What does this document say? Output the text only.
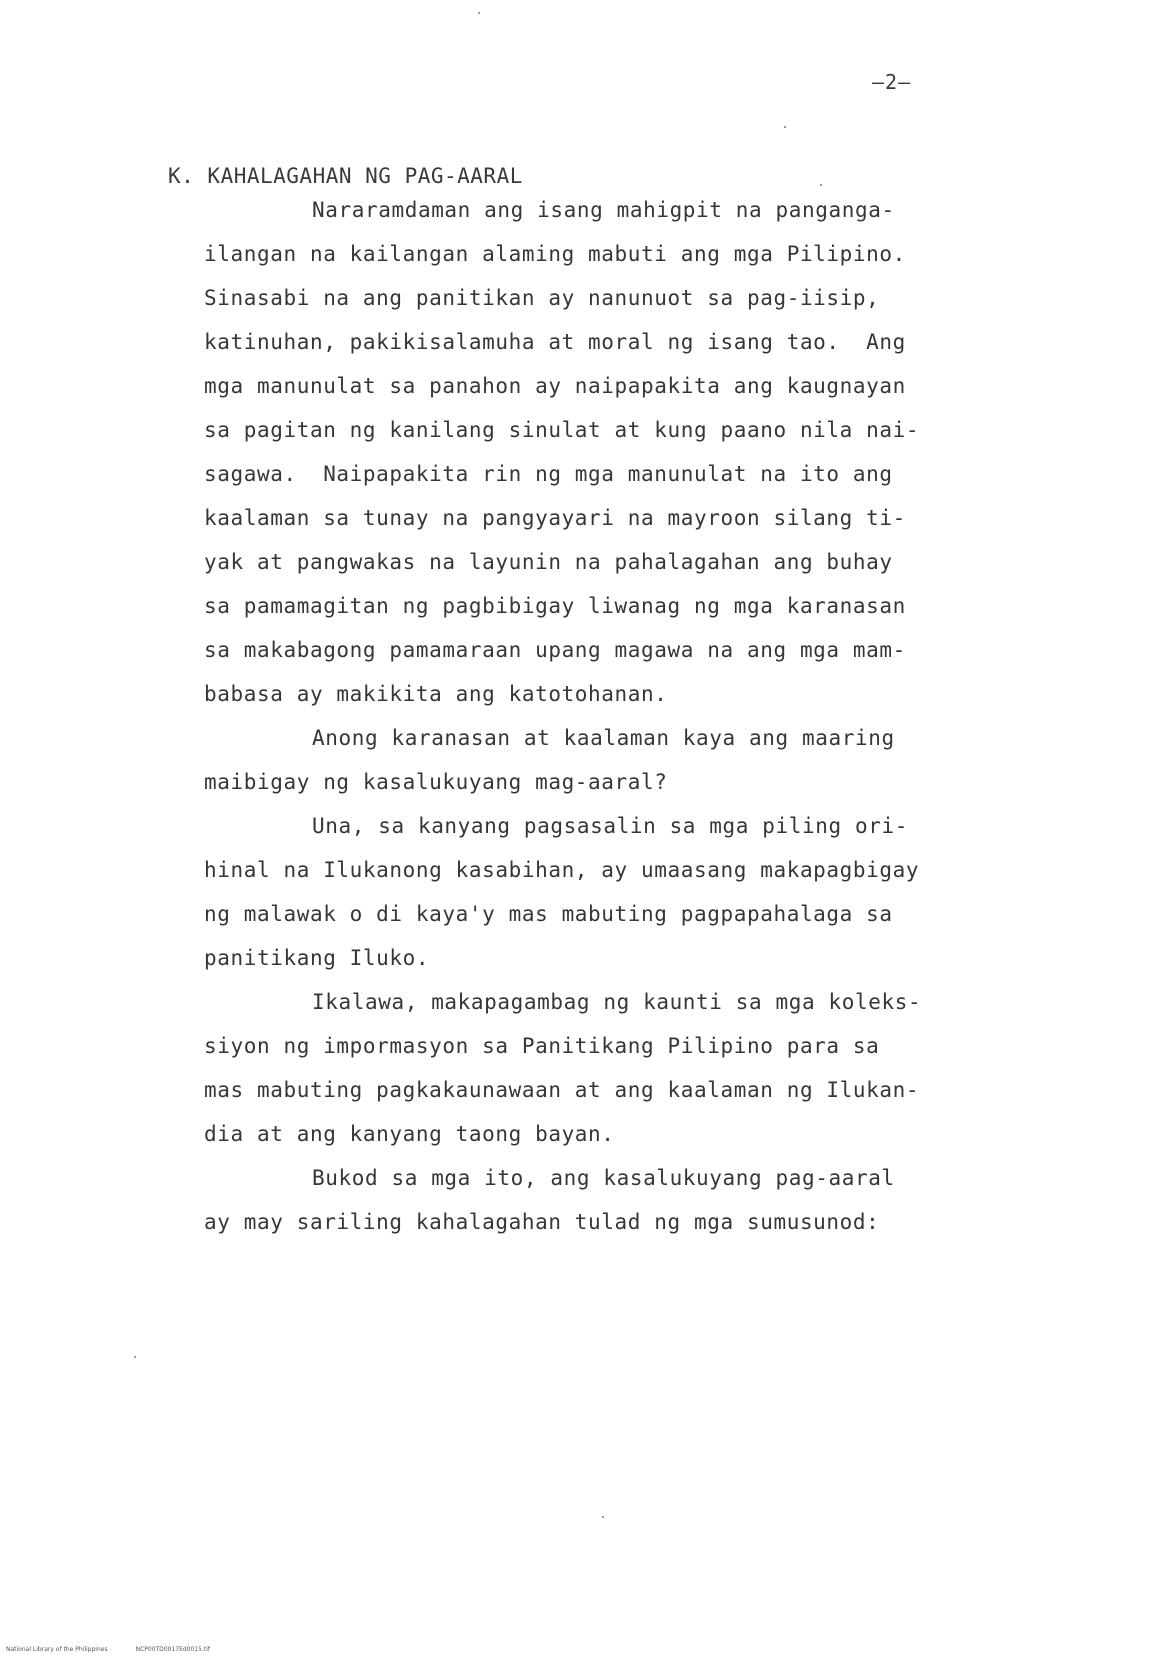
—2—
K. KAHALAGAHAN NG PAG-AARAL
Nararamdaman ang isang mahigpit na panganga-
ilangan na kailangan alaming mabuti ang mga Pilipino.
Sinasabi na ang panitikan ay nanunuot sa pag-iisip,
katinuhan, pakikisalamuha at moral ng isang tao.  Ang
mga manunulat sa panahon ay naipapakita ang kaugnayan
sa pagitan ng kanilang sinulat at kung paano nila nai-
sagawa.  Naipapakita rin ng mga manunulat na ito ang
kaalaman sa tunay na pangyayari na mayroon silang ti-
yak at pangwakas na layunin na pahalagahan ang buhay
sa pamamagitan ng pagbibigay liwanag ng mga karanasan
sa makabagong pamamaraan upang magawa na ang mga mam-
babasa ay makikita ang katotohanan.
Anong karanasan at kaalaman kaya ang maaring
maibigay ng kasalukuyang mag-aaral?
Una, sa kanyang pagsasalin sa mga piling ori-
hinal na Ilukanong kasabihan, ay umaasang makapagbigay
ng malawak o di kaya'y mas mabuting pagpapahalaga sa
panitikang Iluko.
Ikalawa, makapagambag ng kaunti sa mga koleks-
siyon ng impormasyon sa Panitikang Pilipino para sa
mas mabuting pagkakaunawaan at ang kaalaman ng Ilukan-
dia at ang kanyang taong bayan.
Bukod sa mga ito, ang kasalukuyang pag-aaral
ay may sariling kahalagahan tulad ng mga sumusunod:
National Library of the Philippines	NCP00TD0017Ed0015.tif
